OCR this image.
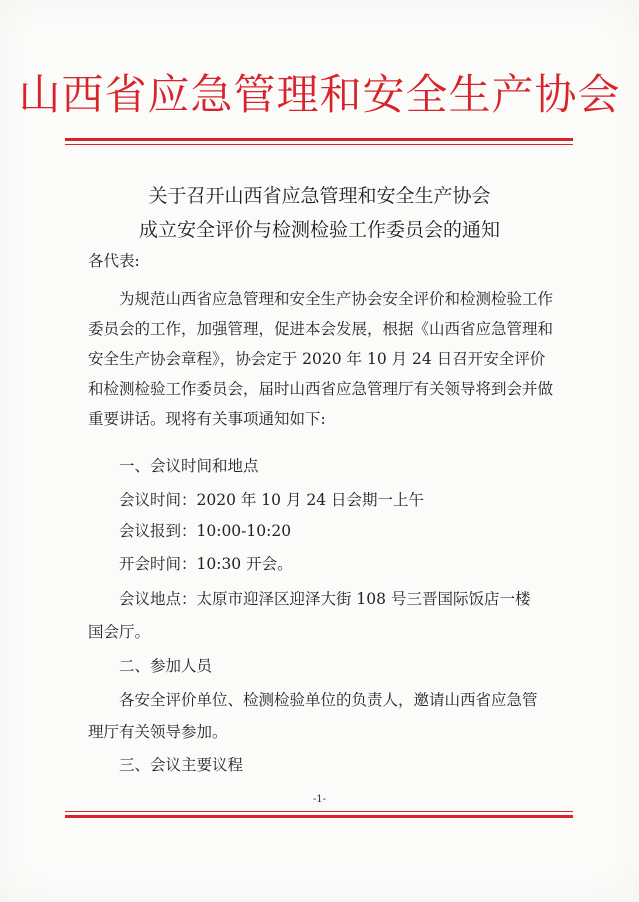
山西省应急管理和安全生产协会
关于召开山西省应急管理和安全生产协会
成立安全评价与检测检验工作委员会的通知
各代表:

为规范山西省应急管理和安全生产协会安全评价和检测检验工作委员会的工作，加强管理，促进本会发展，根据《山西省应急管理和安全生产协会章程》，协会定于 2020 年 10 月 24 日召开安全评价和检测检验工作委员会，届时山西省应急管理厅有关领导将到会并做重要讲话。现将有关事项通知如下:

一、会议时间和地点
会议时间：2020 年 10 月 24 日会期一上午
会议报到：10:00-10:20
开会时间：10:30 开会。
会议地点：太原市迎泽区迎泽大街 108 号三晋国际饭店一楼
国会厅。
二、参加人员
各安全评价单位、检测检验单位的负责人，邀请山西省应急管
理厅有关领导参加。
三、会议主要议程
-1-
